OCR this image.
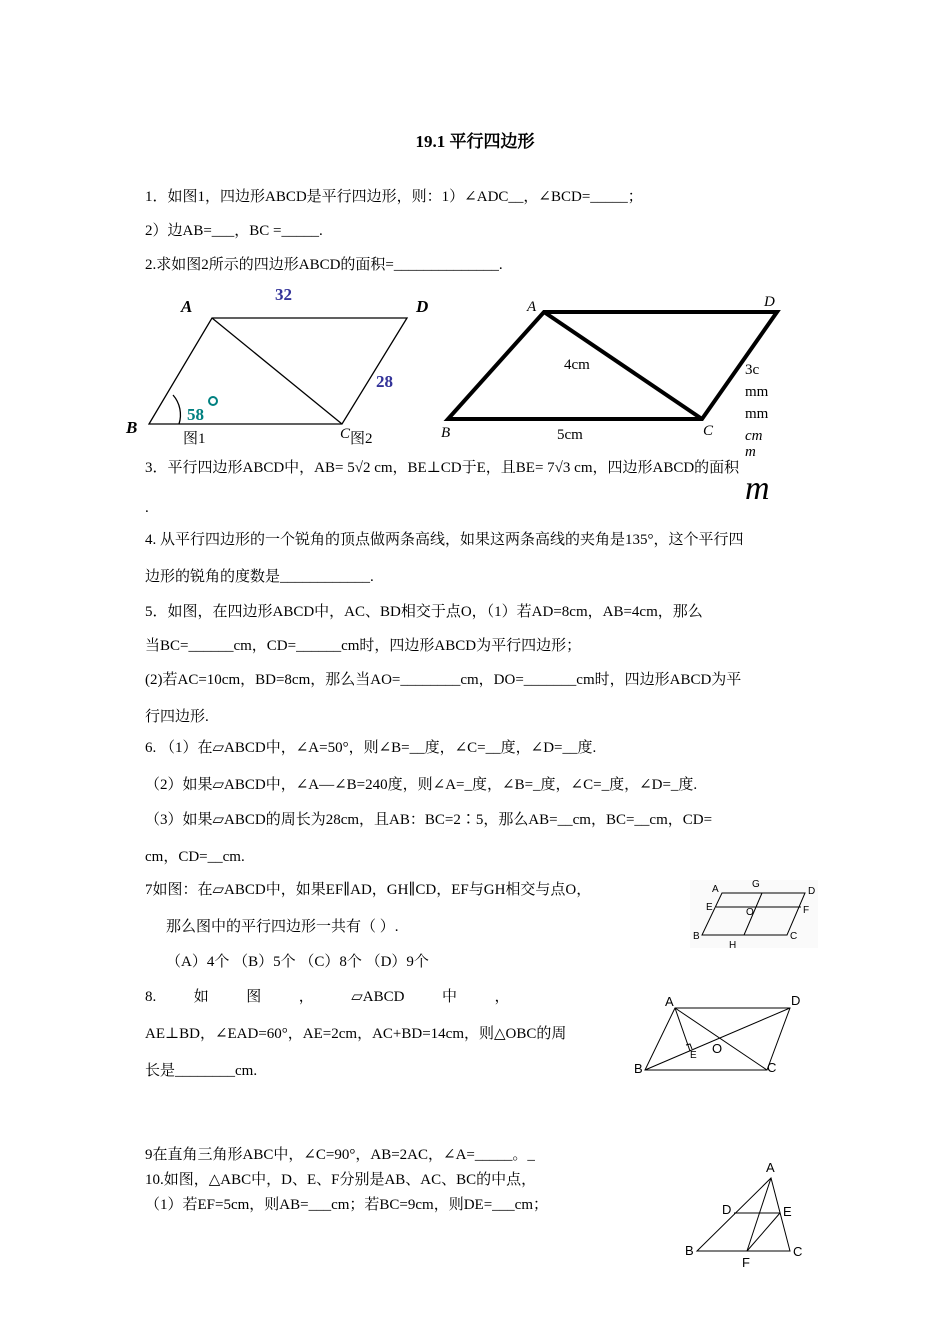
19.1 平行四边形
1．如图1，四边形ABCD是平行四边形，则：1）∠ADC__，∠BCD=_____；
2）边AB=___，BC =_____.
2.求如图2所示的四边形ABCD的面积=______________.
3．平行四边形ABCD中，AB= 5√2 cm，BE⊥CD于E，且BE= 7√3 cm，四边形ABCD的面积
.
4. 从平行四边形的一个锐角的顶点做两条高线，如果这两条高线的夹角是135°，这个平行四
边形的锐角的度数是____________.
5．如图，在四边形ABCD中，AC、BD相交于点O，（1）若AD=8cm，AB=4cm，那么
当BC=______cm，CD=______cm时，四边形ABCD为平行四边形；
(2)若AC=10cm，BD=8cm，那么当AO=________cm，DO=_______cm时，四边形ABCD为平
行四边形.
6. （1）在▱ABCD中，∠A=50°，则∠B=__度，∠C=__度，∠D=__度.
（2）如果▱ABCD中，∠A—∠B=240度，则∠A=_度，∠B=_度，∠C=_度，∠D=_度.
（3）如果▱ABCD的周长为28cm，且AB：BC=2∶5，那么AB=__cm，BC=__cm，CD=
cm，CD=__cm.
7如图：在▱ABCD中，如果EF∥AD，GH∥CD，EF与GH相交与点O，
那么图中的平行四边形一共有（ ）.
（A）4个 （B）5个 （C）8个 （D）9个
8.          如          图          ，          ▱ABCD          中          ，
AE⊥BD，∠EAD=60°，AE=2cm，AC+BD=14cm，则△OBC的周
长是________cm.
9在直角三角形ABC中，∠C=90°，AB=2AC，∠A=_____。_
10.如图，△ABC中，D、E、F分别是AB、AC、BC的中点，
（1）若EF=5cm，则AB=___cm；若BC=9cm，则DE=___cm；
A	D
B	C
32
28
58
图1	图2
A	D
B	C
4cm
5cm
3c
mm
mm
cm
m
m
A	D
E	F
G
H
O
B	C
A	D
B	C
E O
A
D	E
B	C
F
